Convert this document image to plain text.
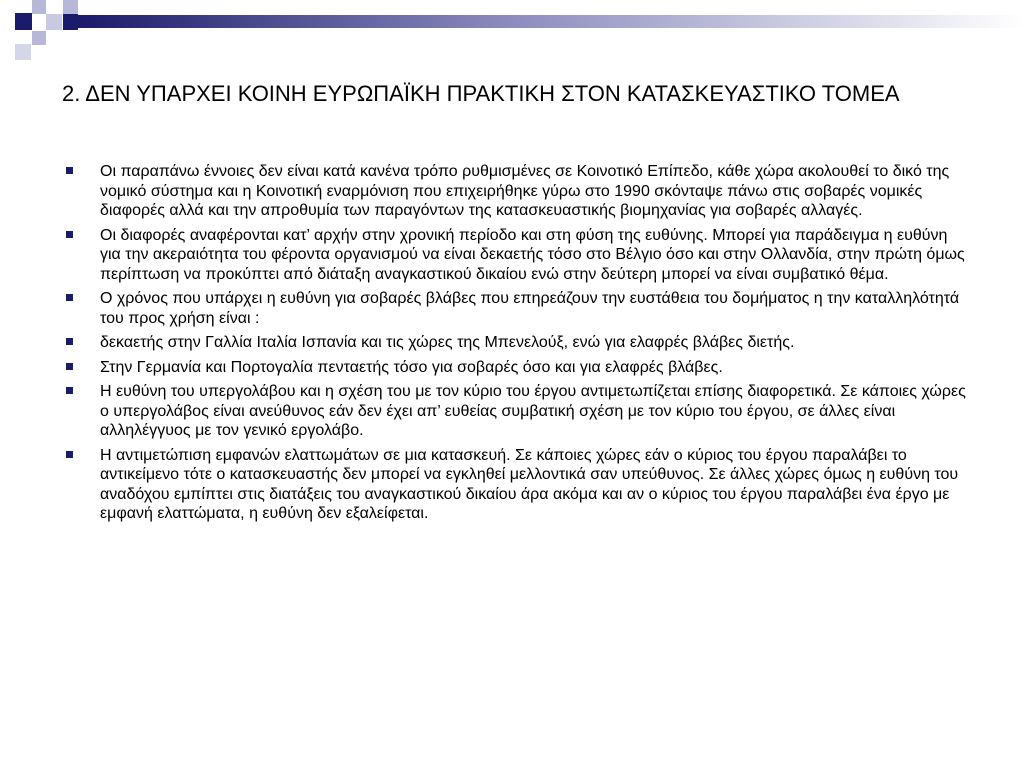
2. ΔΕΝ ΥΠΑΡΧΕΙ ΚΟΙΝΗ ΕΥΡΩΠΑΪΚΗ ΠΡΑΚΤΙΚΗ ΣΤΟΝ ΚΑΤΑΣΚΕΥΑΣΤΙΚΟ ΤΟΜΕΑ
Οι παραπάνω έννοιες δεν είναι κατά κανένα τρόπο ρυθμισμένες σε Κοινοτικό Επίπεδο, κάθε χώρα ακολουθεί το δικό της νομικό σύστημα και η Κοινοτική εναρμόνιση που επιχειρήθηκε γύρω στο 1990 σκόνταψε πάνω στις σοβαρές νομικές διαφορές αλλά και την απροθυμία των παραγόντων της κατασκευαστικής βιομηχανίας για σοβαρές αλλαγές.
Οι διαφορές αναφέρονται κατ’ αρχήν στην χρονική περίοδο και στη φύση της ευθύνης. Μπορεί για παράδειγμα η ευθύνη για την ακεραιότητα του φέροντα οργανισμού να είναι δεκαετής τόσο στο Βέλγιο όσο και στην Ολλανδία, στην πρώτη όμως περίπτωση να προκύπτει από διάταξη αναγκαστικού δικαίου ενώ στην δεύτερη μπορεί να είναι συμβατικό θέμα.
Ο χρόνος που υπάρχει η ευθύνη για σοβαρές βλάβες που επηρεάζουν την ευστάθεια του δομήματος η την καταλληλότητά του προς χρήση είναι :
δεκαετής στην Γαλλία Ιταλία Ισπανία και τις χώρες της Μπενελούξ, ενώ για ελαφρές βλάβες διετής.
Στην Γερμανία και Πορτογαλία πενταετής τόσο για σοβαρές όσο και για ελαφρές βλάβες.
Η ευθύνη του υπεργολάβου και η σχέση του με τον κύριο του έργου αντιμετωπίζεται επίσης διαφορετικά. Σε κάποιες χώρες ο υπεργολάβος είναι ανεύθυνος εάν δεν έχει απ’ ευθείας συμβατική σχέση με τον κύριο του έργου, σε άλλες είναι αλληλέγγυος με τον γενικό εργολάβο.
Η αντιμετώπιση εμφανών ελαττωμάτων σε μια κατασκευή. Σε κάποιες χώρες εάν ο κύριος του έργου παραλάβει το αντικείμενο τότε ο κατασκευαστής δεν μπορεί να εγκληθεί μελλοντικά σαν υπεύθυνος. Σε άλλες χώρες όμως η ευθύνη του αναδόχου εμπίπτει στις διατάξεις του αναγκαστικού δικαίου άρα ακόμα και αν ο κύριος του έργου παραλάβει ένα έργο με εμφανή ελαττώματα, η ευθύνη δεν εξαλείφεται.
